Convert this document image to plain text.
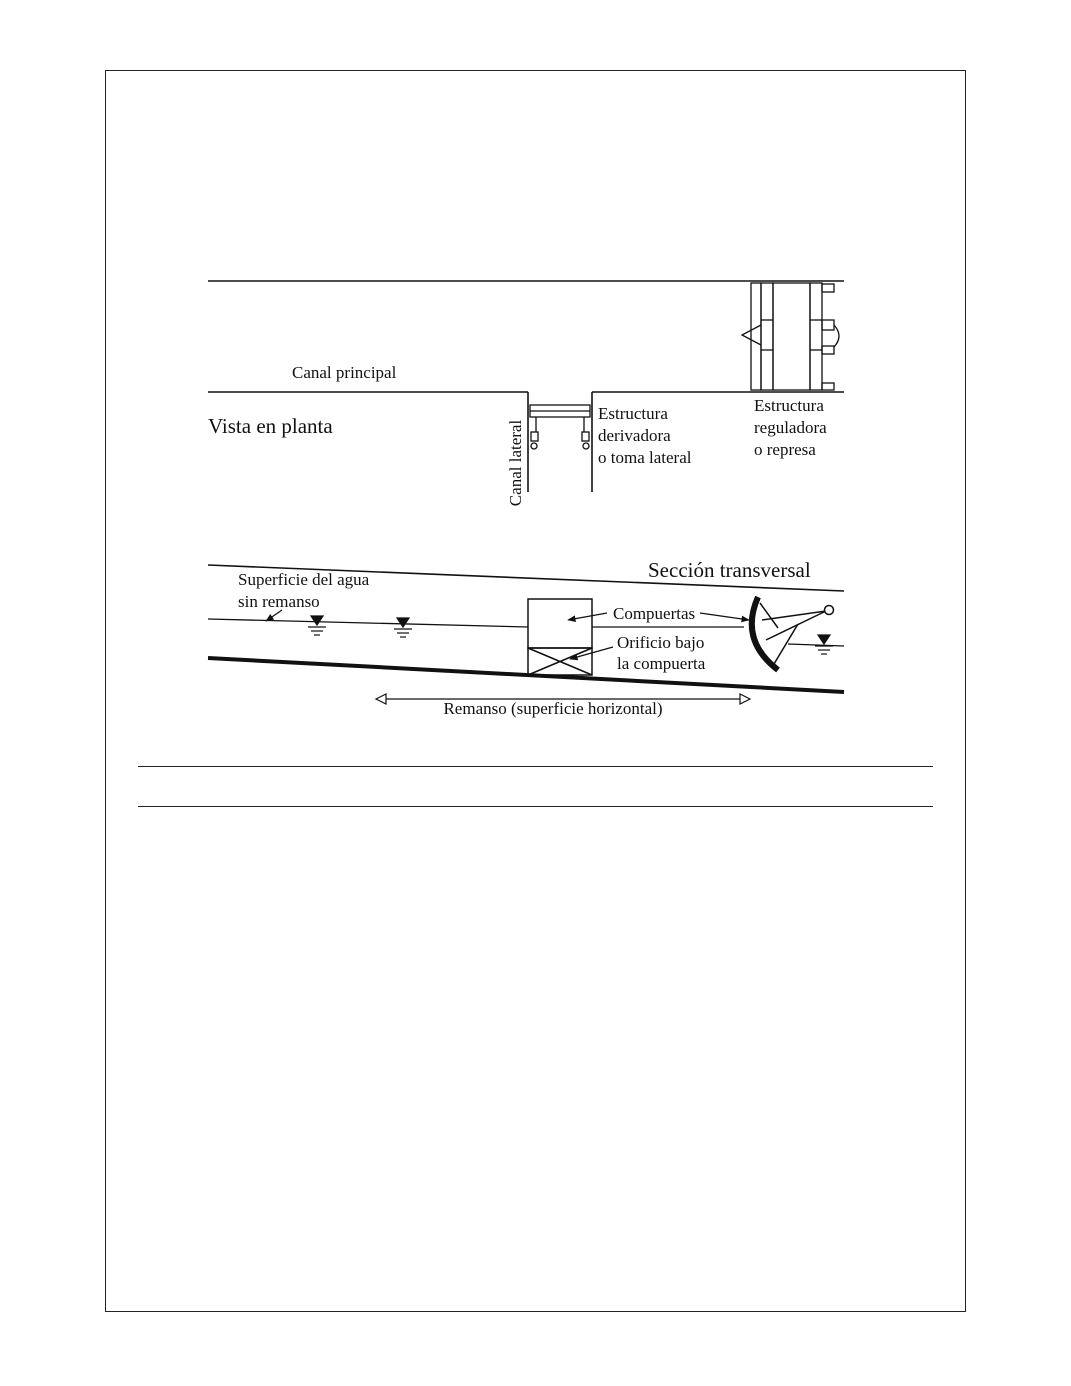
Canal principal
Vista en planta	Canal lateral
Estructura derivadora o toma lateral
Estructura reguladora o represa
Sección transversal
Superficie del agua sin remanso
Compuertas
Orificio bajo la compuerta
Remanso (superficie horizontal)
